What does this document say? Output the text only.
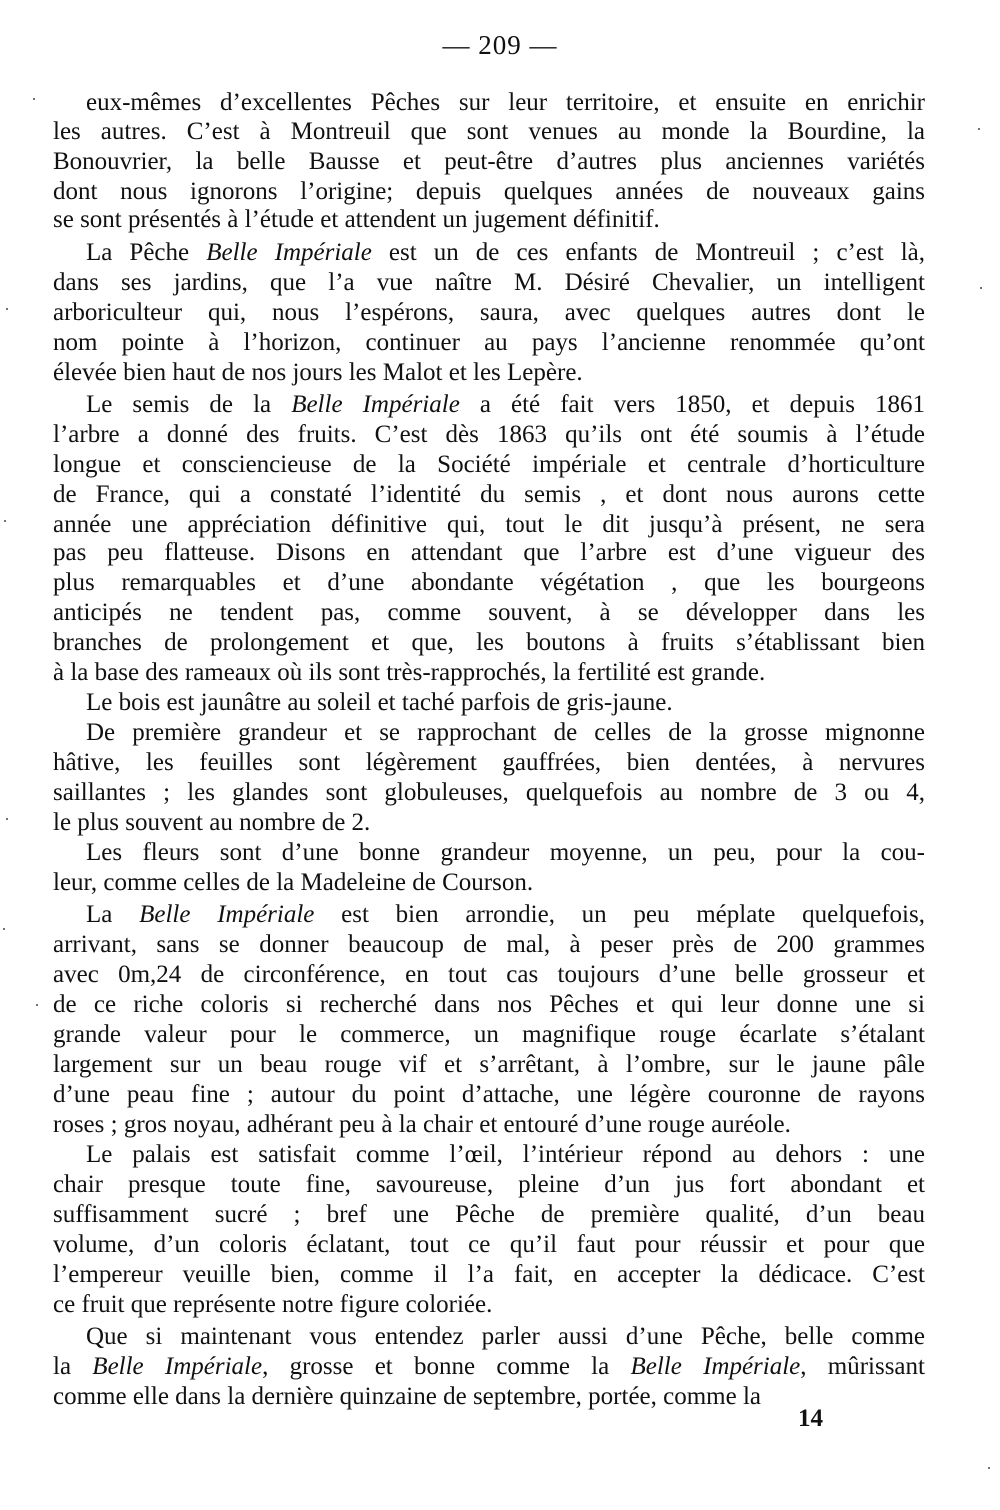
— 209 —
eux-mêmes d’excellentes Pêches sur leur territoire, et ensuite en enrichir
les autres. C’est à Montreuil que sont venues au monde la Bourdine, la
Bonouvrier, la belle Bausse et peut-être d’autres plus anciennes variétés
dont nous ignorons l’origine; depuis quelques années de nouveaux gains
se sont présentés à l’étude et attendent un jugement définitif.
La Pêche Belle Impériale est un de ces enfants de Montreuil ; c’est là,
dans ses jardins, que l’a vue naître M. Désiré Chevalier, un intelligent
arboriculteur qui, nous l’espérons, saura, avec quelques autres dont le
nom pointe à l’horizon, continuer au pays l’ancienne renommée qu’ont
élevée bien haut de nos jours les Malot et les Lepère.
Le semis de la Belle Impériale a été fait vers 1850, et depuis 1861
l’arbre a donné des fruits. C’est dès 1863 qu’ils ont été soumis à l’étude
longue et consciencieuse de la Société impériale et centrale d’horticulture
de France, qui a constaté l’identité du semis , et dont nous aurons cette
année une appréciation définitive qui, tout le dit jusqu’à présent, ne sera
pas peu flatteuse. Disons en attendant que l’arbre est d’une vigueur des
plus remarquables et d’une abondante végétation , que les bourgeons
anticipés ne tendent pas, comme souvent, à se développer dans les
branches de prolongement et que, les boutons à fruits s’établissant bien
à la base des rameaux où ils sont très-rapprochés, la fertilité est grande.
Le bois est jaunâtre au soleil et taché parfois de gris-jaune.
De première grandeur et se rapprochant de celles de la grosse mignonne
hâtive, les feuilles sont légèrement gauffrées, bien dentées, à nervures
saillantes ; les glandes sont globuleuses, quelquefois au nombre de 3 ou 4,
le plus souvent au nombre de 2.
Les fleurs sont d’une bonne grandeur moyenne, un peu, pour la cou-
leur, comme celles de la Madeleine de Courson.
La Belle Impériale est bien arrondie, un peu méplate quelquefois,
arrivant, sans se donner beaucoup de mal, à peser près de 200 grammes
avec 0m,24 de circonférence, en tout cas toujours d’une belle grosseur et
de ce riche coloris si recherché dans nos Pêches et qui leur donne une si
grande valeur pour le commerce, un magnifique rouge écarlate s’étalant
largement sur un beau rouge vif et s’arrêtant, à l’ombre, sur le jaune pâle
d’une peau fine ; autour du point d’attache, une légère couronne de rayons
roses ; gros noyau, adhérant peu à la chair et entouré d’une rouge auréole.
Le palais est satisfait comme l’œil, l’intérieur répond au dehors : une
chair presque toute fine, savoureuse, pleine d’un jus fort abondant et
suffisamment sucré ; bref une Pêche de première qualité, d’un beau
volume, d’un coloris éclatant, tout ce qu’il faut pour réussir et pour que
l’empereur veuille bien, comme il l’a fait, en accepter la dédicace. C’est
ce fruit que représente notre figure coloriée.
Que si maintenant vous entendez parler aussi d’une Pêche, belle comme
la Belle Impériale, grosse et bonne comme la Belle Impériale, mûrissant
comme elle dans la dernière quinzaine de septembre, portée, comme la
14
